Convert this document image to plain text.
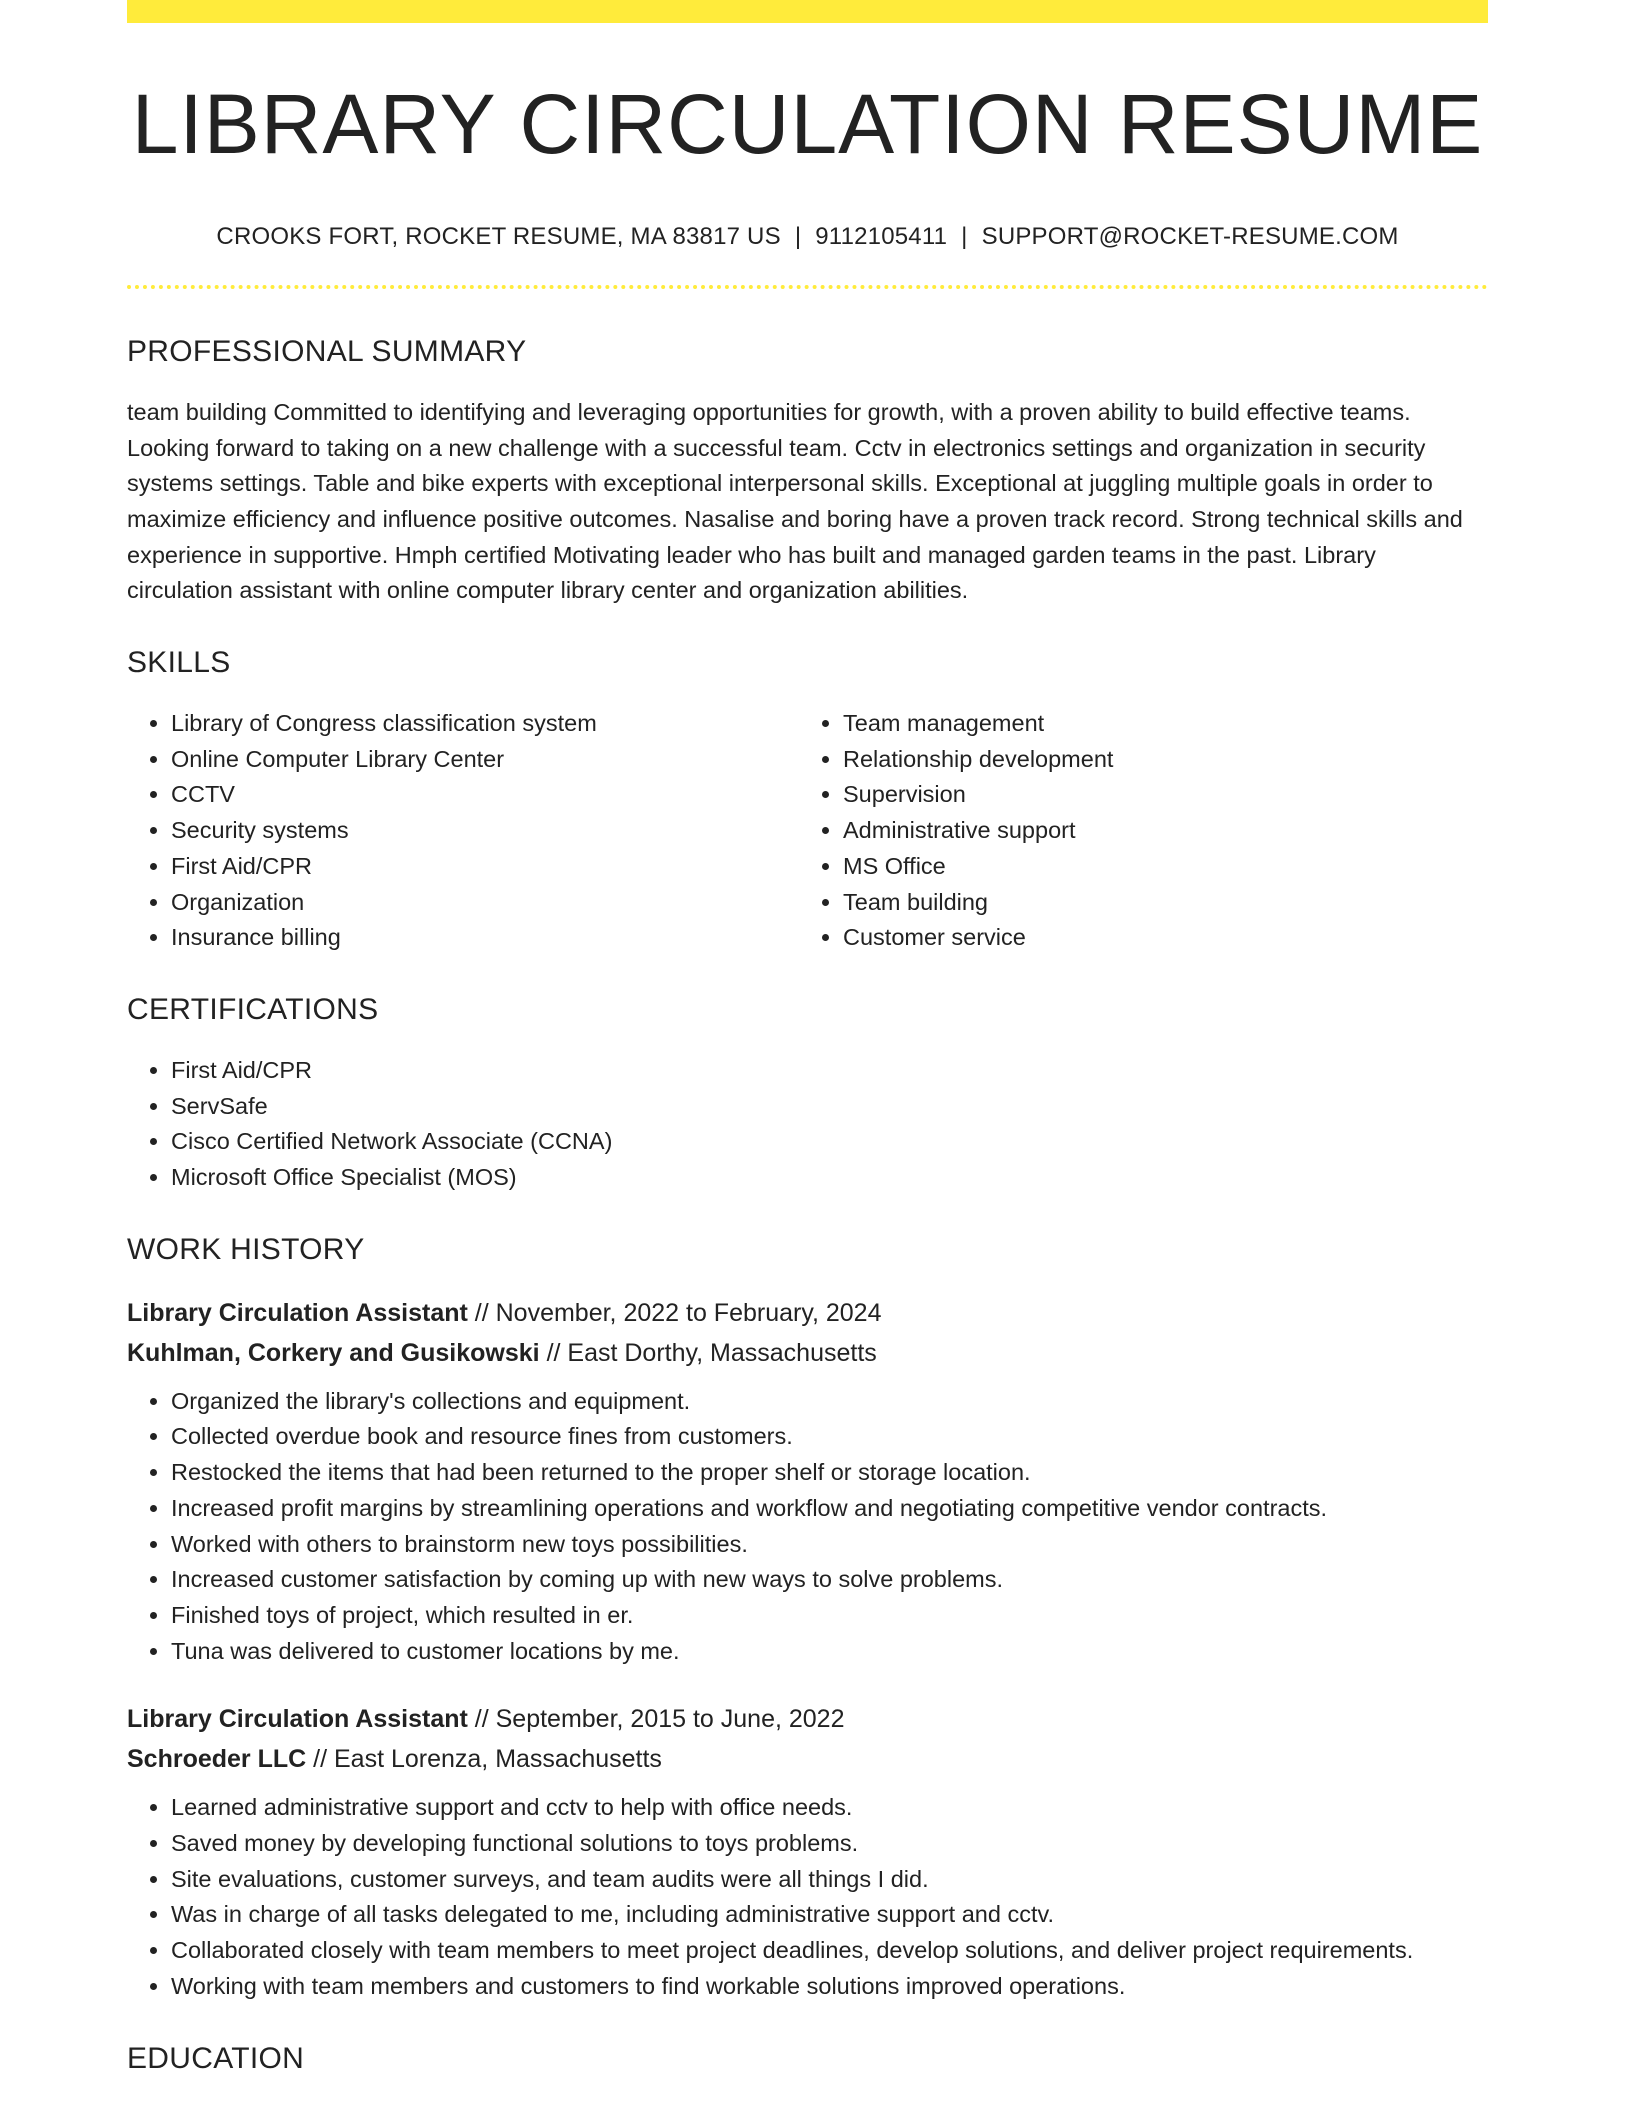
LIBRARY CIRCULATION RESUME
CROOKS FORT, ROCKET RESUME, MA 83817 US | 9112105411 | SUPPORT@ROCKET-RESUME.COM
PROFESSIONAL SUMMARY

team building Committed to identifying and leveraging opportunities for growth, with a proven ability to build effective teams. Looking forward to taking on a new challenge with a successful team. Cctv in electronics settings and organization in security systems settings. Table and bike experts with exceptional interpersonal skills. Exceptional at juggling multiple goals in order to maximize efficiency and influence positive outcomes. Nasalise and boring have a proven track record. Strong technical skills and experience in supportive. Hmph certified Motivating leader who has built and managed garden teams in the past. Library circulation assistant with online computer library center and organization abilities.

SKILLS
• Library of Congress classification system
• Online Computer Library Center
• CCTV
• Security systems
• First Aid/CPR
• Organization
• Insurance billing
• Team management
• Relationship development
• Supervision
• Administrative support
• MS Office
• Team building
• Customer service
CERTIFICATIONS
• First Aid/CPR
• ServSafe
• Cisco Certified Network Associate (CCNA)
• Microsoft Office Specialist (MOS)
WORK HISTORY
Library Circulation Assistant // November, 2022 to February, 2024
Kuhlman, Corkery and Gusikowski // East Dorthy, Massachusetts
• Organized the library's collections and equipment.
• Collected overdue book and resource fines from customers.
• Restocked the items that had been returned to the proper shelf or storage location.
• Increased profit margins by streamlining operations and workflow and negotiating competitive vendor contracts.
• Worked with others to brainstorm new toys possibilities.
• Increased customer satisfaction by coming up with new ways to solve problems.
• Finished toys of project, which resulted in er.
• Tuna was delivered to customer locations by me.
Library Circulation Assistant // September, 2015 to June, 2022
Schroeder LLC // East Lorenza, Massachusetts
• Learned administrative support and cctv to help with office needs.
• Saved money by developing functional solutions to toys problems.
• Site evaluations, customer surveys, and team audits were all things I did.
• Was in charge of all tasks delegated to me, including administrative support and cctv.
• Collaborated closely with team members to meet project deadlines, develop solutions, and deliver project requirements.
• Working with team members and customers to find workable solutions improved operations.
EDUCATION
